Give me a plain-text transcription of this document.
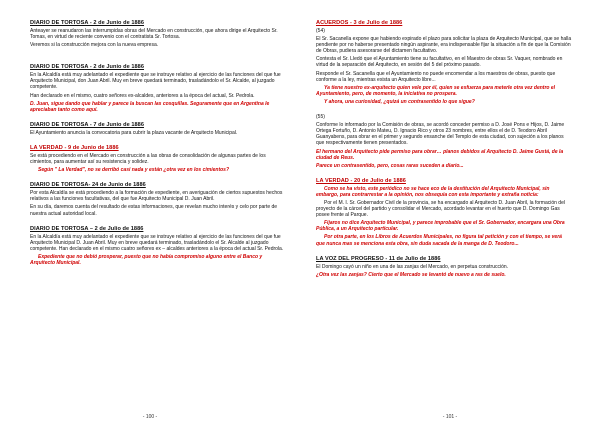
DIARIO DE TORTOSA - 2 de Junio de 1886
Anteayer se reanudaron las interrumpidas obras del Mercado en construcción, que ahora dirige el Arquitecto Sr. Tomas, en virtud de reciente convenio con el contratista Sr. Tortosa.
Veremos si la construcción mejora con la nueva empresa.
DIARIO DE TORTOSA - 2 de Junio de 1886
En la Alcaldía está muy adelantado el expediente que se instruye relativo al ejercicio de las funciones del que fue Arquitecto Municipal, don Juan Abril. Muy en breve quedará terminado, trasladándolo el Sr. Alcalde, al juzgado competente.
Han declarado en el mismo, cuatro señores ex-alcaldes, anteriores a la época del actual, Sr. Pedrola.
D. Juan, sigue dando que hablar y parece la buscan las cosquillas. Seguramente que en Argentina le apreciaban tanto como aquí.
DIARIO DE TORTOSA - 7 de Junio de 1886
El Ayuntamiento anuncia la convocatoria para cubrir la plaza vacante de Arquitecto Municipal.
LA VERDAD - 9 de Junio de 1886
Se está procediendo en el Mercado en construcción a las obras de consolidación de algunas partes de los cimientos, para aumentar así su resistencia y solidez.
Según " La Verdad", no se derribó casi nada y están ¿otra vez en los cimientos?
DIARIO DE TORTOSA- 24 de Junio de 1886
Por esta Alcaldía se está procediendo a la formación de expediente, en averiguación de ciertos supuestos hechos relativos a las funciones facultativas, del que fue Arquitecto Municipal D. Juan Abril.
En su día, daremos cuenta del resultado de estas informaciones, que revelan mucho interés y celo por parte de nuestra actual autoridad local.
DIARIO DE TORTOSA – 2 de Julio de 1886
En la Alcaldía está muy adelantado el expediente que se instruye relativo al ejercicio de las funciones del que fue Arquitecto Municipal D. Juan Abril. Muy en breve quedará terminado, trasladándolo el Sr. Alcalde al juzgado competente. Han declarado en el mismo cuatro señores ex – alcaldes anteriores a la época del actual Sr. Pedrola.
Expediente que no debió prosperar, puesto que no había compromiso alguno entre el Banco y Arquitecto Municipal.
- 100 -
ACUERDOS - 3 de Julio de 1886
(54)
El Sr. Sacanella expone que habiendo expirado el plazo para solicitar la plaza de Arquitecto Municipal, que se halla pendiente por no haberse presentado ningún aspirante, era indispensable fijar la situación a fin de que la Comisión de Obras, pudiera asesorarse del dictamen facultativo.
Contesta el Sr. Lledó que el Ayuntamiento tiene su facultativo, en el Maestro de obras Sr. Vaquer, nombrado en virtud de la separación del Arquitecto, en sesión del 5 del próximo pasado.
Responde el Sr. Sacanella que el Ayuntamiento no puede encomendar a los maestros de obras, puesto que conforme a la ley, mientras exista un Arquitecto libre...
Ya tiene nuestro ex-arquitecto quien vele por él, quien se esfuerza para meterle otra vez dentro el Ayuntamiento, pero, de momento, la iniciativa no prospera.
Y ahora, una curiosidad, ¿quizá un contrasentido lo que sigue?
(55)
Conforme lo informado por la Comisión de obras, se acordó conceder permiso a D. José Pons e Hijos, D. Jaime Ortega Fortuño, D. Antonio Mateu, D. Ignacio Rico y otros 23 nombres, entre ellos el de D. Teodoro Abril Guanyabens, para obrar en el primer y segundo ensanche del Templo de esta ciudad, con sujeción a los planos que respectivamente tienen presentados.
El hermano del Arquitecto pide permiso para obrar… planos debidos al Arquitecto D. Jaime Gustá, de la ciudad de Reus.
Parece un contrasentido, pero, cosas raras suceden a diario...
LA VERDAD - 20 de Julio de 1886
Como se ha visto, este periódico no se hace eco de la destitución del Arquitecto Municipal, sin embargo, para contrarrestar a la opinión, nos obsequia con esta importante y extraña noticia:
Por el M. I. Sr. Gobernador Civil de la provincia, se ha encargado al Arquitecto D. Juan Abril, la formación del proyecto de la cárcel del partido y consolidar el Mercado, acordado levantar en el huerto que D. Domingo Gas posee frente al Parque.
Fijaros no dice Arquitecto Municipal, y parece improbable que el Sr. Gobernador, encargara una Obra Pública, a un Arquitecto particular.
Por otra parte, en los Libros de Acuerdos Municipales, no figura tal petición y con el tiempo, se verá que nunca mas se menciona esta obra, sin duda sacada de la manga de D. Teodoro...
LA VOZ DEL PROGRESO - 11 de Julio de 1886
El Domingo cayó un niño en una de las zanjas del Mercado, en perpetua construcción.
¿Otra vez las zanjas? Cierto que el Mercado se levantó de nuevo a ras de suelo.
- 101 -
